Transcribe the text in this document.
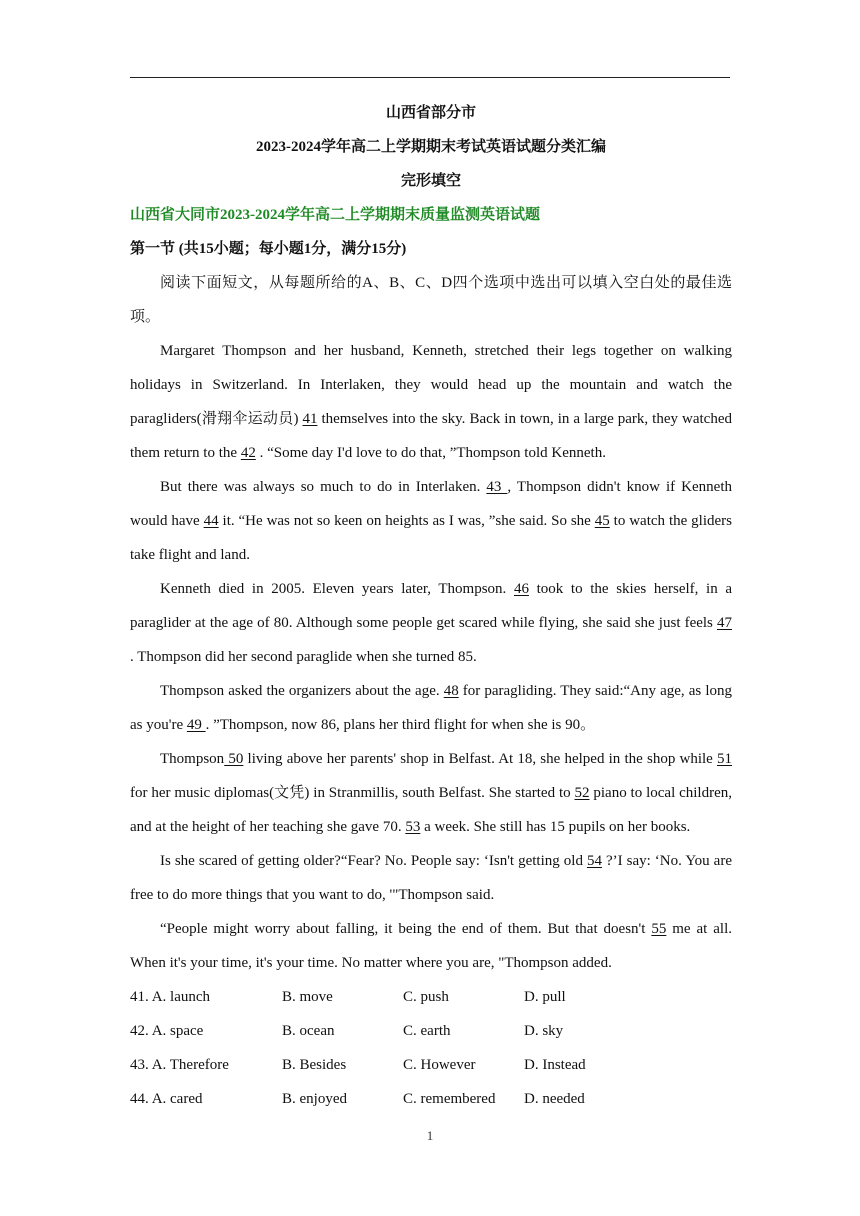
山西省部分市
2023-2024学年高二上学期期末考试英语试题分类汇编
完形填空
山西省大同市2023-2024学年高二上学期期末质量监测英语试题
第一节 (共15小题；每小题1分，满分15分)

阅读下面短文，从每题所给的A、B、C、D四个选项中选出可以填入空白处的最佳选项。

Margaret Thompson and her husband, Kenneth, stretched their legs together on walking holidays in Switzerland. In Interlaken, they would head up the mountain and watch the paragliders(滑翔伞运动员) 41 themselves into the sky. Back in town, in a large park, they watched them return to the 42 . “Some day I'd love to do that, ”Thompson told Kenneth.

But there was always so much to do in Interlaken. 43 , Thompson didn't know if Kenneth would have 44 it. “He was not so keen on heights as I was, ”she said. So she 45 to watch the gliders take flight and land.

Kenneth died in 2005. Eleven years later, Thompson. 46 took to the skies herself, in a paraglider at the age of 80. Although some people get scared while flying, she said she just feels 47 . Thompson did her second paraglide when she turned 85.

Thompson asked the organizers about the age. 48 for paragliding. They said:“Any age, as long as you're 49 . ”Thompson, now 86, plans her third flight for when she is 90。

Thompson 50 living above her parents' shop in Belfast. At 18, she helped in the shop while 51 for her music diplomas(文凭) in Stranmillis, south Belfast. She started to 52 piano to local children, and at the height of her teaching she gave 70. 53 a week. She still has 15 pupils on her books.

Is she scared of getting older?“Fear? No. People say: ‘Isn't getting old 54 ?’I say: ‘No. You are free to do more things that you want to do, '"Thompson said.

“People might worry about falling, it being the end of them. But that doesn't 55 me at all. When it's your time, it's your time. No matter where you are, "Thompson added.

41. A. launch	B. move	C. push	D. pull
42. A. space	B. ocean	C. earth	D. sky
43. A. Therefore	B. Besides	C. However	D. Instead
44. A. cared	B. enjoyed	C. remembered	D. needed
1
